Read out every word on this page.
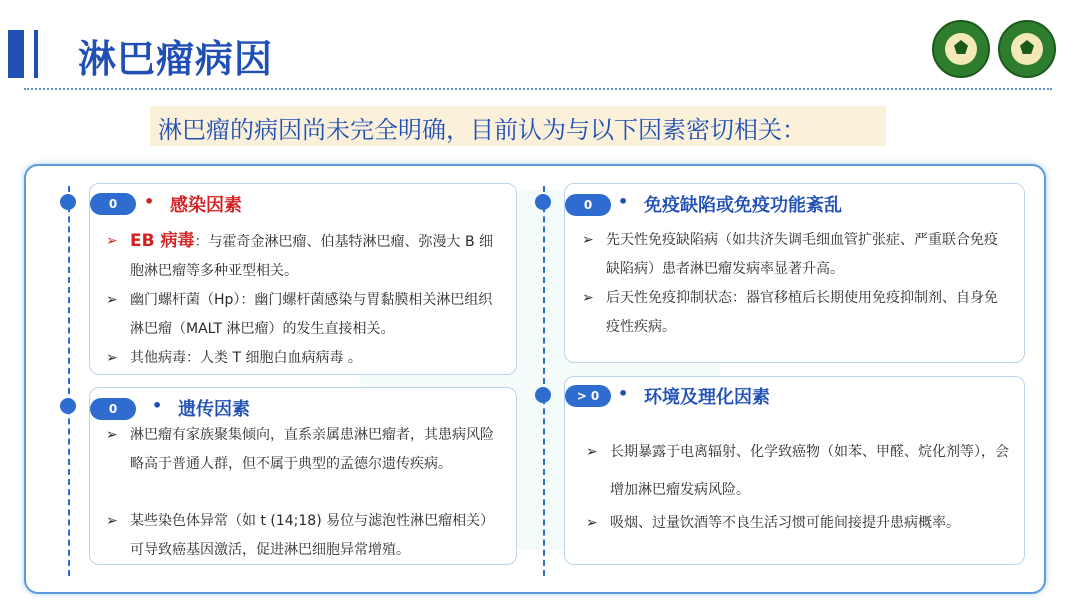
淋巴瘤病因
淋巴瘤的病因尚未完全明确，目前认为与以下因素密切相关：
0	• 感染因素
➢ EB 病毒：与霍奇金淋巴瘤、伯基特淋巴瘤、弥漫大 B 细胞淋巴瘤等多种亚型相关。
➢ 幽门螺杆菌（Hp）：幽门螺杆菌感染与胃黏膜相关淋巴组织淋巴瘤（MALT 淋巴瘤）的发生直接相关。
➢ 其他病毒：人类 T 细胞白血病病毒 。
0	• 遗传因素
➢ 淋巴瘤有家族聚集倾向，直系亲属患淋巴瘤者，其患病风险略高于普通人群，但不属于典型的孟德尔遗传疾病。
➢ 某些染色体异常（如 t (14;18) 易位与滤泡性淋巴瘤相关）可导致癌基因激活，促进淋巴细胞异常增殖。
0	• 免疫缺陷或免疫功能紊乱
➢ 先天性免疫缺陷病（如共济失调毛细血管扩张症、严重联合免疫缺陷病）患者淋巴瘤发病率显著升高。
➢ 后天性免疫抑制状态：器官移植后长期使用免疫抑制剂、自身免疫性疾病。
> 0	• 环境及理化因素
➢ 长期暴露于电离辐射、化学致癌物（如苯、甲醛、烷化剂等），会增加淋巴瘤发病风险。
➢ 吸烟、过量饮酒等不良生活习惯可能间接提升患病概率。
